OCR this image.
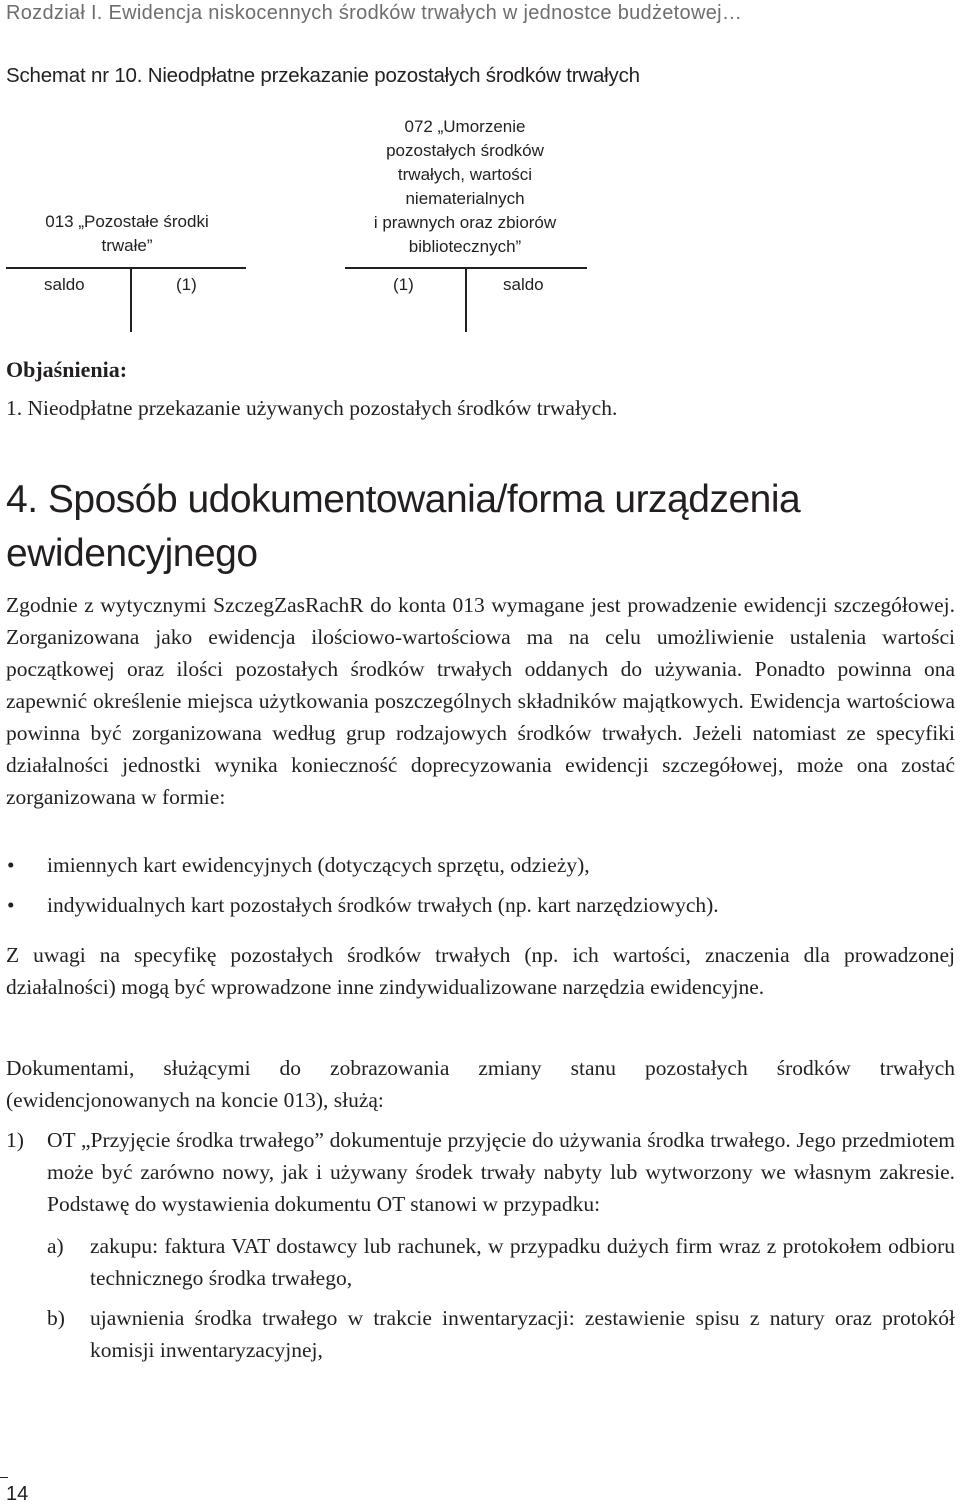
Rozdział I. Ewidencja niskocennych środków trwałych w jednostce budżetowej…
Schemat nr 10. Nieodpłatne przekazanie pozostałych środków trwałych
013 „Pozostałe środki
trwałe”
072 „Umorzenie
pozostałych środków
trwałych, wartości
niematerialnych
i prawnych oraz zbiorów
bibliotecznych”
saldo	(1)	(1)	saldo
Objaśnienia:
1. Nieodpłatne przekazanie używanych pozostałych środków trwałych.
4. Sposób udokumentowania/forma urządzenia ewidencyjnego

Zgodnie z wytycznymi SzczegZasRachR do konta 013 wymagane jest prowadzenie ewidencji szczegółowej. Zorganizowana jako ewidencja ilościowo-wartościowa ma na celu umożliwienie ustalenia wartości początkowej oraz ilości pozostałych środków trwałych oddanych do używania. Ponadto powinna ona zapewnić określenie miejsca użytkowania poszczególnych składników majątkowych. Ewidencja wartościowa powinna być zorganizowana według grup rodzajowych środków trwałych. Jeżeli natomiast ze specyfiki działalności jednostki wynika konieczność doprecyzowania ewidencji szczegółowej, może ona zostać zorganizowana w formie:

• imiennych kart ewidencyjnych (dotyczących sprzętu, odzieży),
• indywidualnych kart pozostałych środków trwałych (np. kart narzędziowych).

Z uwagi na specyfikę pozostałych środków trwałych (np. ich wartości, znaczenia dla prowadzonej działalności) mogą być wprowadzone inne zindywidualizowane narzędzia ewidencyjne.

Dokumentami, służącymi do zobrazowania zmiany stanu pozostałych środków trwałych (ewidencjonowanych na koncie 013), służą:

1) OT „Przyjęcie środka trwałego” dokumentuje przyjęcie do używania środka trwałego. Jego przedmiotem może być zarówno nowy, jak i używany środek trwały nabyty lub wytworzony we własnym zakresie. Podstawę do wystawienia dokumentu OT stanowi w przypadku:
a) zakupu: faktura VAT dostawcy lub rachunek, w przypadku dużych firm wraz z protokołem odbioru technicznego środka trwałego,
b) ujawnienia środka trwałego w trakcie inwentaryzacji: zestawienie spisu z natury oraz protokół komisji inwentaryzacyjnej,
14
